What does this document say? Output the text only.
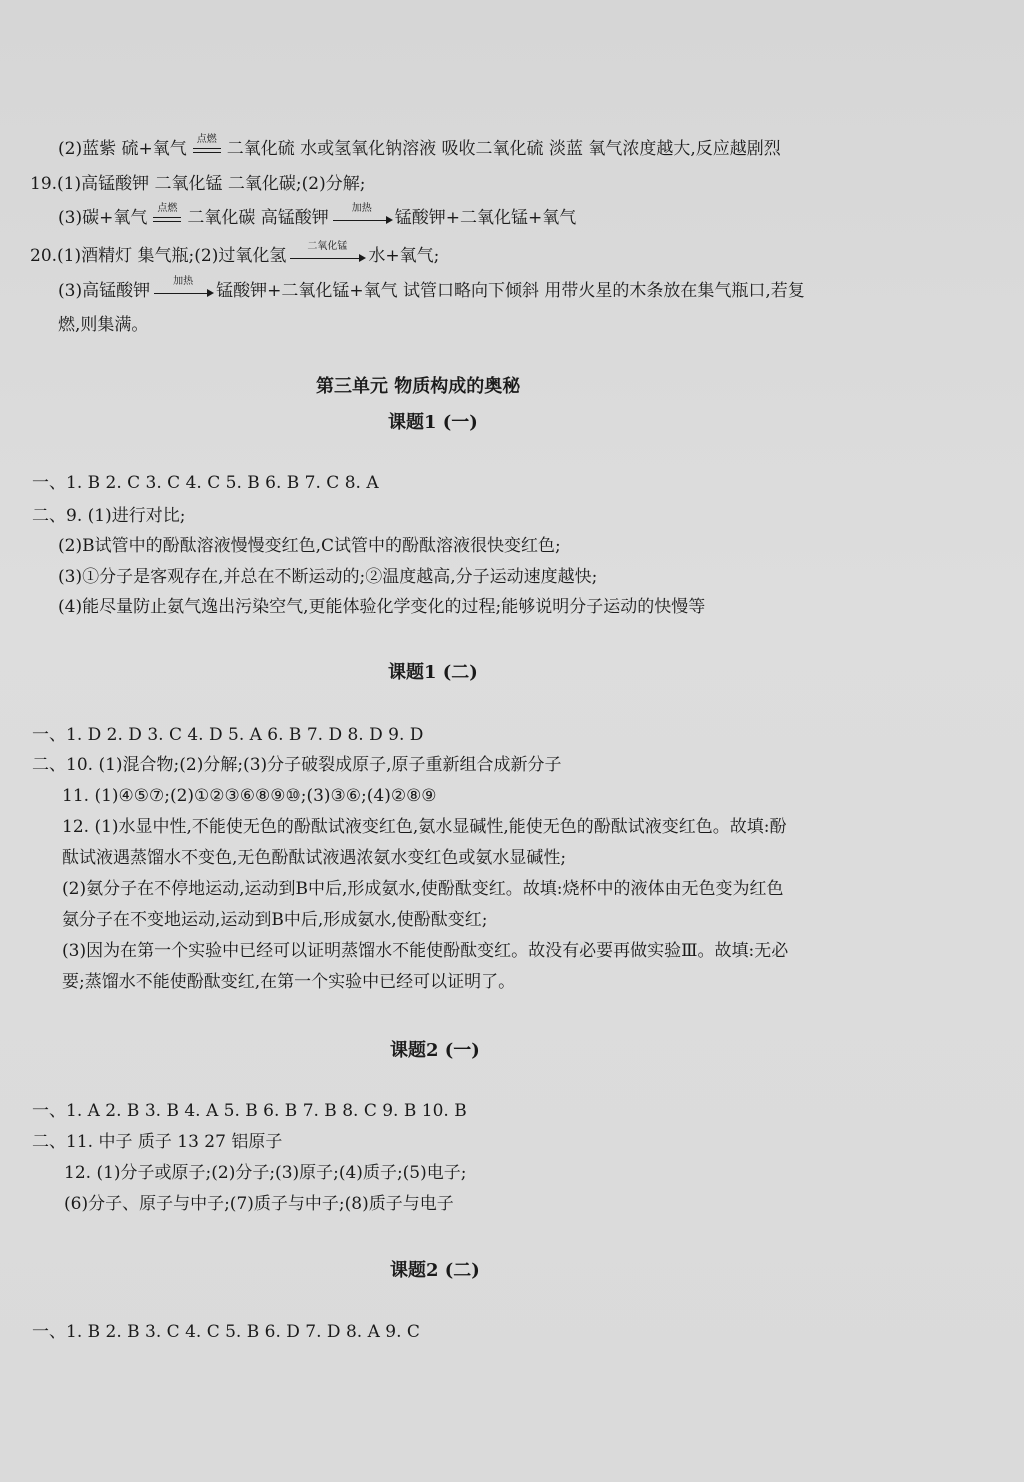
(2)蓝紫 硫+氧气	点燃 二氧化硫 水或氢氧化钠溶液 吸收二氧化硫 淡蓝 氧气浓度越大,反应越剧烈
19.(1)高锰酸钾 二氧化锰 二氧化碳;(2)分解;
(3)碳+氧气	点燃 二氧化碳 高锰酸钾	加热	锰酸钾+二氧化锰+氧气
20.(1)酒精灯 集气瓶;(2)过氧化氢	二氧化锰	水+氧气;
(3)高锰酸钾	加热	锰酸钾+二氧化锰+氧气 试管口略向下倾斜 用带火星的木条放在集气瓶口,若复
燃,则集满。
第三单元 物质构成的奥秘
课题1 (一)
一、1. B 2. C 3. C 4. C 5. B 6. B 7. C 8. A
二、9. (1)进行对比;
(2)B试管中的酚酞溶液慢慢变红色,C试管中的酚酞溶液很快变红色;
(3)①分子是客观存在,并总在不断运动的;②温度越高,分子运动速度越快;
(4)能尽量防止氨气逸出污染空气,更能体验化学变化的过程;能够说明分子运动的快慢等
课题1 (二)
一、1. D 2. D 3. C 4. D 5. A 6. B 7. D 8. D 9. D
二、10. (1)混合物;(2)分解;(3)分子破裂成原子,原子重新组合成新分子
11. (1)④⑤⑦;(2)①②③⑥⑧⑨⑩;(3)③⑥;(4)②⑧⑨
12. (1)水显中性,不能使无色的酚酞试液变红色,氨水显碱性,能使无色的酚酞试液变红色。故填:酚
酞试液遇蒸馏水不变色,无色酚酞试液遇浓氨水变红色或氨水显碱性;
(2)氨分子在不停地运动,运动到B中后,形成氨水,使酚酞变红。故填:烧杯中的液体由无色变为红色
氨分子在不变地运动,运动到B中后,形成氨水,使酚酞变红;
(3)因为在第一个实验中已经可以证明蒸馏水不能使酚酞变红。故没有必要再做实验Ⅲ。故填:无必
要;蒸馏水不能使酚酞变红,在第一个实验中已经可以证明了。
课题2 (一)
一、1. A 2. B 3. B 4. A 5. B 6. B 7. B 8. C 9. B 10. B
二、11. 中子 质子 13 27 铝原子
12. (1)分子或原子;(2)分子;(3)原子;(4)质子;(5)电子;
(6)分子、原子与中子;(7)质子与中子;(8)质子与电子
课题2 (二)
一、1. B 2. B 3. C 4. C 5. B 6. D 7. D 8. A 9. C
